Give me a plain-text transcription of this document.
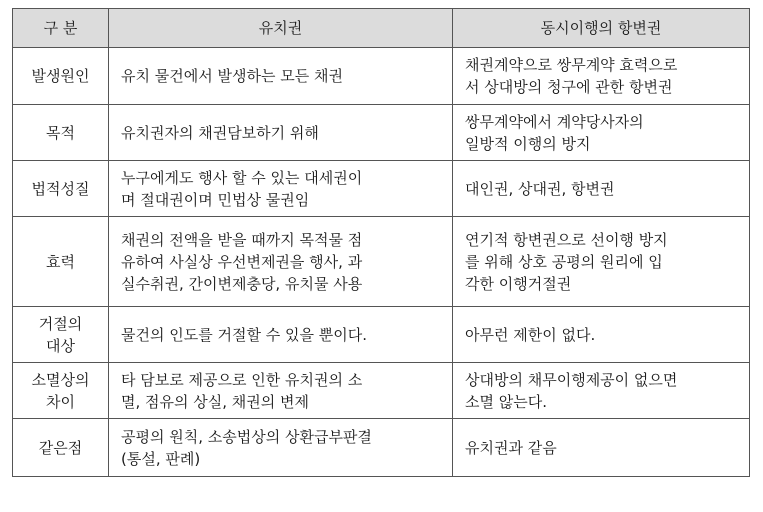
구 분	유치권	동시이행의 항변권

발생원인	유치 물건에서 발생하는 모든 채권	채권계약으로 쌍무계약 효력으로
서 상대방의 청구에 관한 항변권

목적	유치권자의 채권담보하기 위해	쌍무계약에서 계약당사자의
일방적 이행의 방지

법적성질	누구에게도 행사 할 수 있는 대세권이
며 절대권이며 민법상 물권임	대인권, 상대권, 항변권

효력	채권의 전액을 받을 때까지 목적물 점
유하여 사실상 우선변제권을 행사, 과
실수취권, 간이변제충당, 유치물 사용	연기적 항변권으로 선이행 방지
를 위해 상호 공평의 원리에 입
각한 이행거절권

거절의
대상	물건의 인도를 거절할 수 있을 뿐이다.	아무런 제한이 없다.

소멸상의
차이	타 담보로 제공으로 인한 유치권의 소
멸, 점유의 상실, 채권의 변제	상대방의 채무이행제공이 없으면
소멸 않는다.

같은점	공평의 원칙, 소송법상의 상환급부판결
(통설, 판례)	유치권과 같음
